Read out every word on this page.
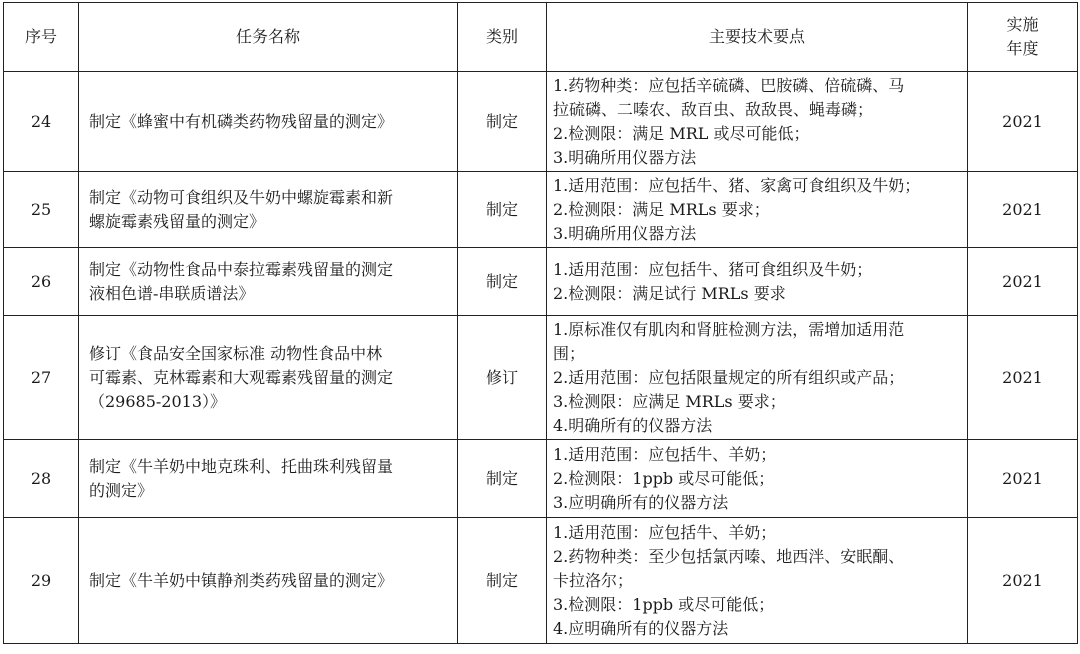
序号	任务名称	类别	主要技术要点	实施
年度

24	制定《蜂蜜中有机磷类药物残留量的测定》	制定	1.药物种类：应包括辛硫磷、巴胺磷、倍硫磷、马
拉硫磷、二嗪农、敌百虫、敌敌畏、蝇毒磷；
2.检测限：满足 MRL 或尽可能低；
3.明确所用仪器方法	2021
25	制定《动物可食组织及牛奶中螺旋霉素和新
螺旋霉素残留量的测定》	制定	1.适用范围：应包括牛、猪、家禽可食组织及牛奶；
2.检测限：满足 MRLs 要求；
3.明确所用仪器方法	2021
26	制定《动物性食品中泰拉霉素残留量的测定
液相色谱-串联质谱法》	制定	1.适用范围：应包括牛、猪可食组织及牛奶；
2.检测限：满足试行 MRLs 要求	2021
27	修订《食品安全国家标准 动物性食品中林
可霉素、克林霉素和大观霉素残留量的测定
（29685-2013）》	修订	1.原标准仅有肌肉和肾脏检测方法，需增加适用范
围；
2.适用范围：应包括限量规定的所有组织或产品；
3.检测限：应满足 MRLs 要求；
4.明确所有的仪器方法	2021
28	制定《牛羊奶中地克珠利、托曲珠利残留量
的测定》	制定	1.适用范围：应包括牛、羊奶；
2.检测限：1ppb 或尽可能低；
3.应明确所有的仪器方法	2021
29	制定《牛羊奶中镇静剂类药残留量的测定》	制定	1.适用范围：应包括牛、羊奶；
2.药物种类：至少包括氯丙嗪、地西泮、安眠酮、
卡拉洛尔；
3.检测限：1ppb 或尽可能低；
4.应明确所有的仪器方法	2021
